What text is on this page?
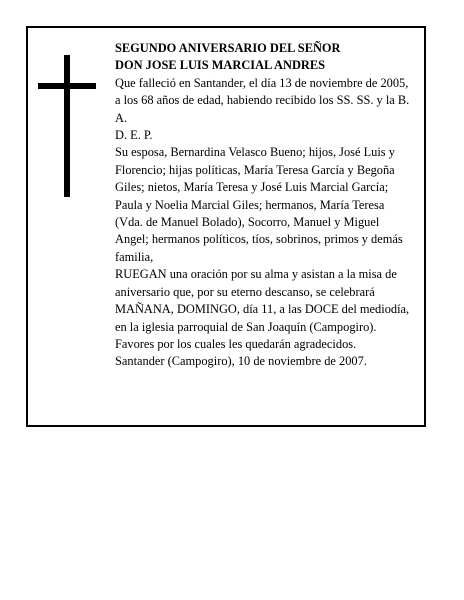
SEGUNDO ANIVERSARIO DEL SEÑOR

DON JOSE LUIS MARCIAL ANDRES

Que falleció en Santander, el día 13 de noviembre de 2005, a los 68 años de edad, habiendo recibido los SS. SS. y la B. A.

D. E. P.

Su esposa, Bernardina Velasco Bueno; hijos, José Luis y Florencio; hijas políticas, María Teresa García y Begoña Giles; nietos, María Teresa y José Luis Marcial García; Paula y Noelia Marcial Giles; hermanos, María Teresa (Vda. de Manuel Bolado), Socorro, Manuel y Miguel Angel; hermanos políticos, tíos, sobrinos, primos y demás familia,

RUEGAN una oración por su alma y asistan a la misa de aniversario que, por su eterno descanso, se celebrará MAÑANA, DOMINGO, día 11, a las DOCE del mediodía, en la iglesia parroquial de San Joaquín (Campogiro). Favores por los cuales les quedarán agradecidos.

Santander (Campogiro), 10 de noviembre de 2007.
